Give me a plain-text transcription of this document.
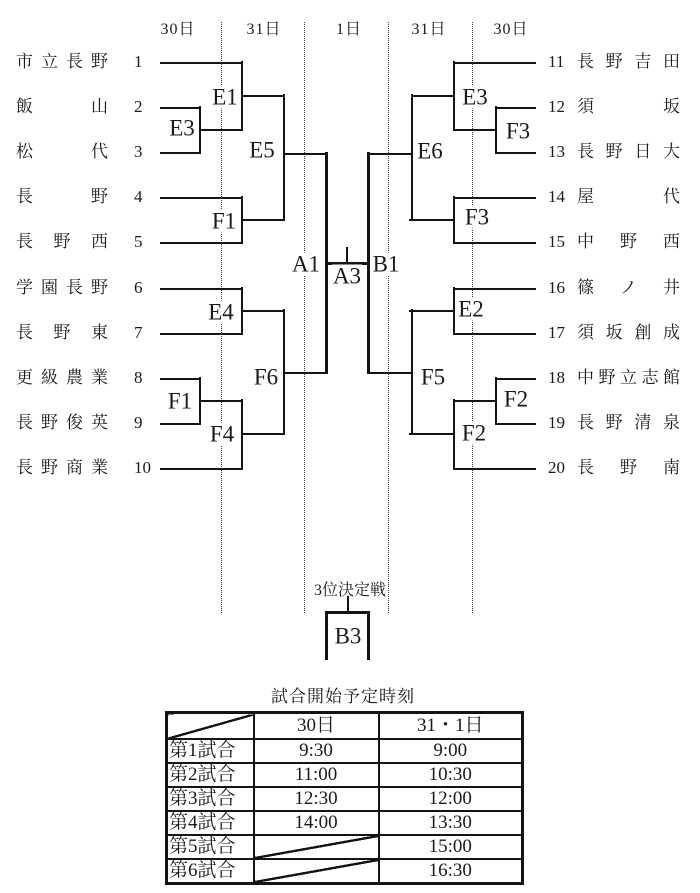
30日	31日	1日	31日	30日
E1
E3
F1
E5
E4
F1
F4
F6
A1 A3 B1
E3
F3
E6
F3
E2
F2
F2
F5
B3
3位決定戦
市 立 長 野 1
飯	山 2
松	代 3
長	野 4
長 野 西 5
学 園 長 野 6
長 野 東 7
更 級 農 業 8
長 野 俊 英 9
長 野 商 業 10
11 長 野 吉 田
12 須	坂
13 長 野 日 大
14 屋	代
15 中 野 西
16 篠 ノ 井
17 須 坂 創 成
18 中 野 立 志 館
19 長 野 清 泉
20 長 野 南
試合開始予定時刻
	30日	31・1日
第1試合	9:30	9:00
第2試合	11:00	10:30
第3試合	12:30	12:00
第4試合	14:00	13:30
第5試合		15:00
第6試合		16:30
